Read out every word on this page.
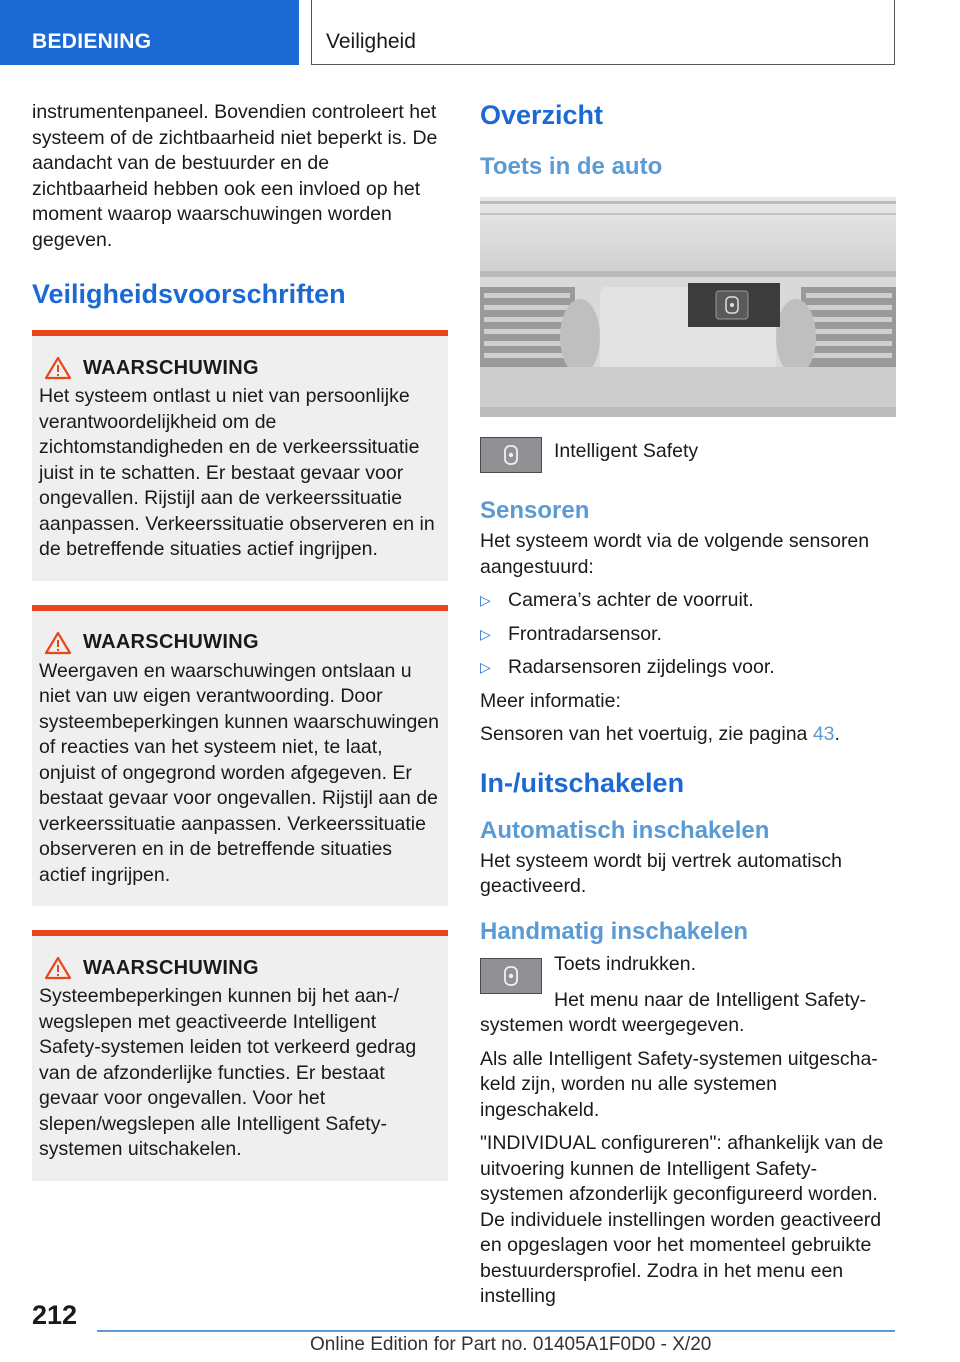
BEDIENING	Veiligheid

instrumentenpaneel. Bovendien controleert het systeem of de zichtbaarheid niet beperkt is. De aandacht van de bestuurder en de zichtbaarheid hebben ook een invloed op het moment waarop waarschuwingen worden gegeven.

Veiligheidsvoorschriften
WAARSCHUWING

Het systeem ontlast u niet van persoonlijke verantwoordelijkheid om de zichtomstandigheden en de verkeerssituatie juist in te schatten. Er bestaat gevaar voor ongevallen. Rijstijl aan de verkeerssituatie aanpassen. Verkeerssituatie observeren en in de betreffende situaties actief ingrijpen.

WAARSCHUWING

Weergaven en waarschuwingen ontslaan u niet van uw eigen verantwoording. Door systeembeperkingen kunnen waarschuwingen of reacties van het systeem niet, te laat, onjuist of ongegrond worden afgegeven. Er bestaat gevaar voor ongevallen. Rijstijl aan de verkeerssituatie aanpassen. Verkeerssituatie observeren en in de betreffende situaties actief ingrijpen.

WAARSCHUWING

Systeembeperkingen kunnen bij het aan-/ wegslepen met geactiveerde Intelligent Safety-systemen leiden tot verkeerd gedrag van de afzonderlijke functies. Er bestaat gevaar voor ongevallen. Voor het slepen/wegslepen alle Intelligent Safety-systemen uitschakelen.

Overzicht
Toets in de auto

Intelligent Safety

Sensoren

Het systeem wordt via de volgende sensoren aangestuurd:

▷ Camera’s achter de voorruit.
▷ Frontradarsensor.
▷ Radarsensoren zijdelings voor.

Meer informatie:

Sensoren van het voertuig, zie pagina 43.

In-/uitschakelen
Automatisch inschakelen

Het systeem wordt bij vertrek automatisch geactiveerd.

Handmatig inschakelen

Toets indrukken.

Het menu naar de Intelligent Safety-systemen wordt weergegeven.

Als alle Intelligent Safety-systemen uitgeschakeld zijn, worden nu alle systemen ingeschakeld.

"INDIVIDUAL configureren": afhankelijk van de uitvoering kunnen de Intelligent Safety-systemen afzonderlijk geconfigureerd worden. De individuele instellingen worden geactiveerd en opgeslagen voor het momenteel gebruikte bestuurdersprofiel. Zodra in het menu een instelling

212
Online Edition for Part no. 01405A1F0D0 - X/20
